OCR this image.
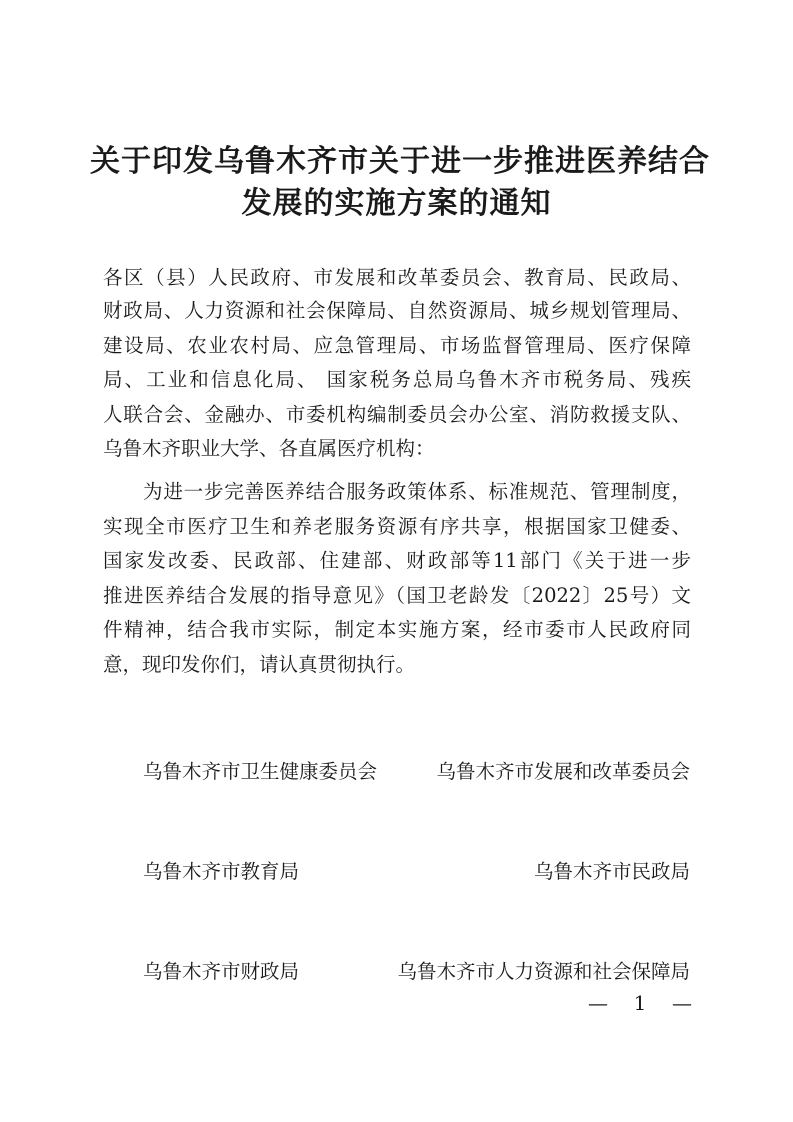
关于印发乌鲁木齐市关于进一步推进医养结合
发展的实施方案的通知
各区（县）人民政府、市发展和改革委员会、教育局、民政局、
财政局、人力资源和社会保障局、自然资源局、城乡规划管理局、
建设局、农业农村局、应急管理局、市场监督管理局、医疗保障
局、工业和信息化局、 国家税务总局乌鲁木齐市税务局、残疾
人联合会、金融办、市委机构编制委员会办公室、消防救援支队、
乌鲁木齐职业大学、各直属医疗机构：
为进一步完善医养结合服务政策体系、标准规范、管理制度，
实现全市医疗卫生和养老服务资源有序共享，根据国家卫健委、
国家发改委、民政部、住建部、财政部等11部门《关于进一步
推进医养结合发展的指导意见》（国卫老龄发〔2022〕25号）文
件精神，结合我市实际，制定本实施方案，经市委市人民政府同
意，现印发你们，请认真贯彻执行。
乌鲁木齐市卫生健康委员会	乌鲁木齐市发展和改革委员会
乌鲁木齐市教育局	乌鲁木齐市民政局
乌鲁木齐市财政局	乌鲁木齐市人力资源和社会保障局
— 1 —
